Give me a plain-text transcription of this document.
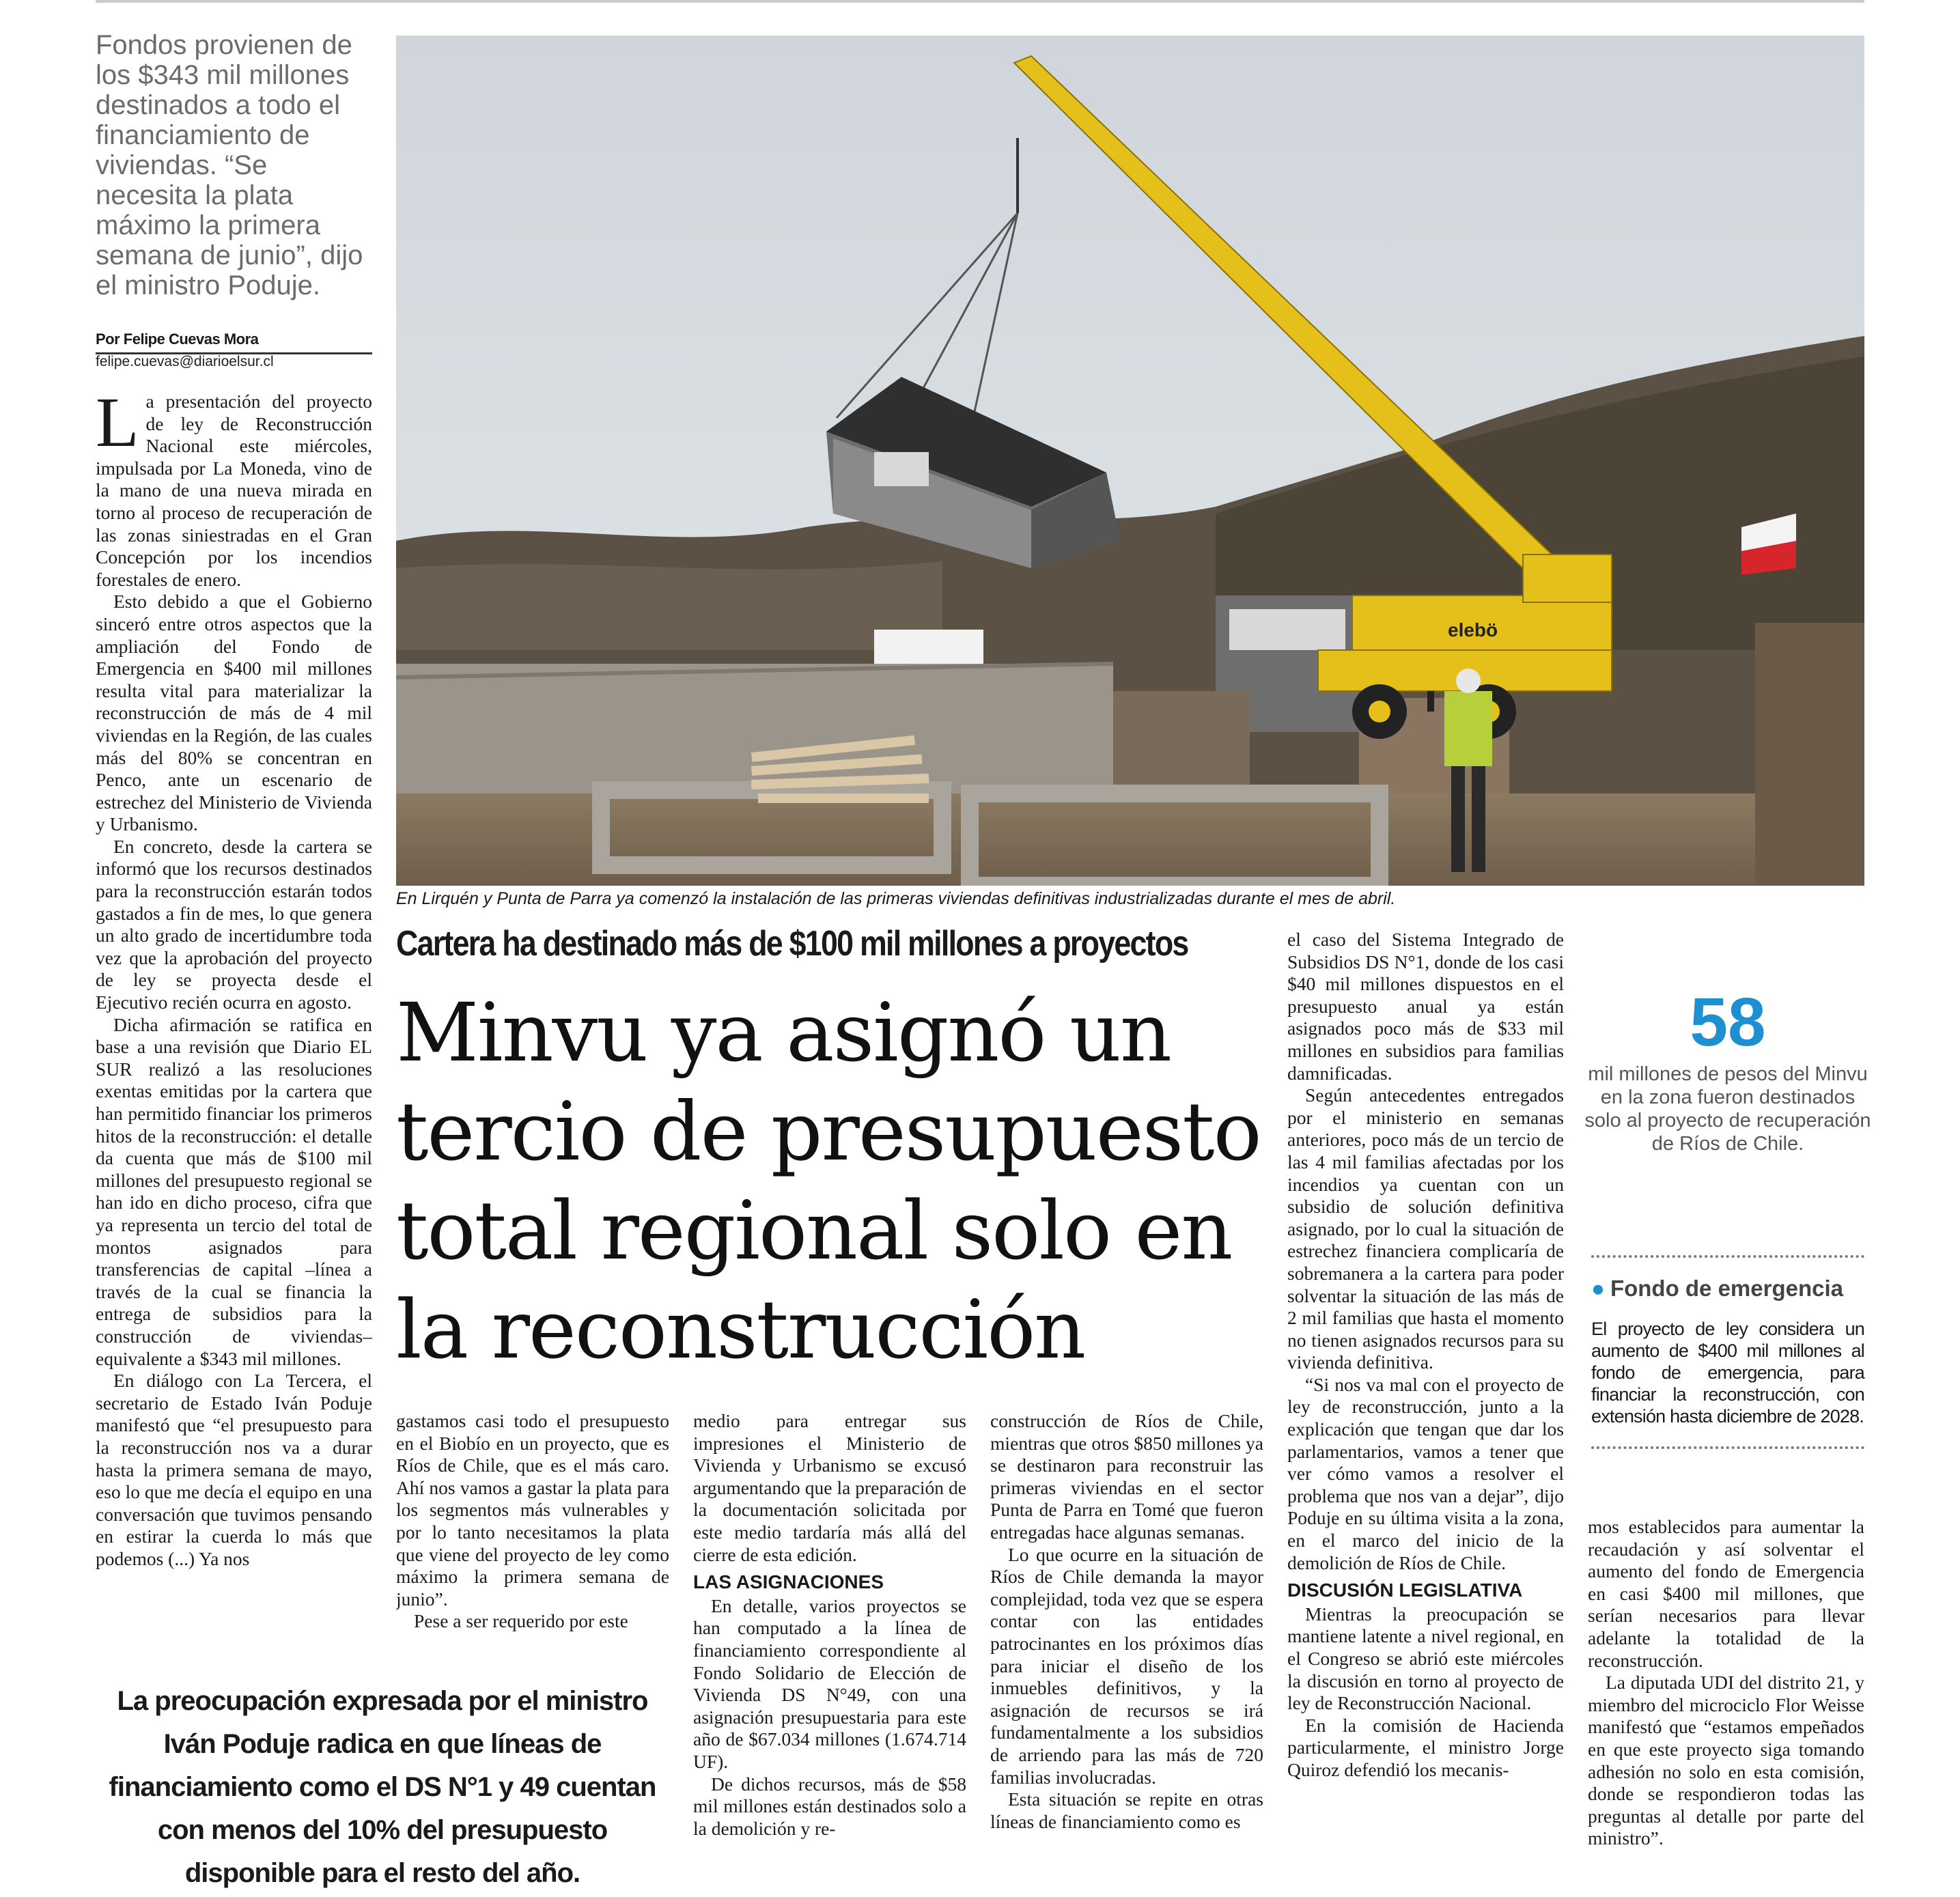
Fondos provienen de los $343 mil millones destinados a todo el financiamiento de viviendas. “Se necesita la plata máximo la primera semana de junio”, dijo el ministro Poduje.
Por Felipe Cuevas Mora
felipe.cuevas@diarioelsur.cl

La presentación del proyecto de ley de Reconstrucción Nacional este miércoles, impulsada por La Moneda, vino de la mano de una nueva mirada en torno al proceso de recuperación de las zonas siniestradas en el Gran Concepción por los incendios forestales de enero.

Esto debido a que el Gobierno sinceró entre otros aspectos que la ampliación del Fondo de Emergencia en $400 mil millones resulta vital para materializar la reconstrucción de más de 4 mil viviendas en la Región, de las cuales más del 80% se concentran en Penco, ante un escenario de estrechez del Ministerio de Vivienda y Urbanismo.

En concreto, desde la cartera se informó que los recursos destinados para la reconstrucción estarán todos gastados a fin de mes, lo que genera un alto grado de incertidumbre toda vez que la aprobación del proyecto de ley se proyecta desde el Ejecutivo recién ocurra en agosto.

Dicha afirmación se ratifica en base a una revisión que Diario EL SUR realizó a las resoluciones exentas emitidas por la cartera que han permitido financiar los primeros hitos de la reconstrucción: el detalle da cuenta que más de $100 mil millones del presupuesto regional se han ido en dicho proceso, cifra que ya representa un tercio del total de montos asignados para transferencias de capital –línea a través de la cual se financia la entrega de subsidios para la construcción de viviendas– equivalente a $343 mil millones.

En diálogo con La Tercera, el secretario de Estado Iván Poduje manifestó que “el presupuesto para la reconstrucción nos va a durar hasta la primera semana de mayo, eso lo que me decía el equipo en una conversación que tuvimos pensando en estirar la cuerda lo más que podemos (...) Ya nos

elebö
En Lirquén y Punta de Parra ya comenzó la instalación de las primeras viviendas definitivas industrializadas durante el mes de abril.
Cartera ha destinado más de $100 mil millones a proyectos
Minvu ya asignó un tercio de presupuesto total regional solo en la reconstrucción

gastamos casi todo el presupuesto en el Biobío en un proyecto, que es Ríos de Chile, que es el más caro. Ahí nos vamos a gastar la plata para los segmentos más vulnerables y por lo tanto necesitamos la plata que viene del proyecto de ley como máximo la primera semana de junio”.

Pese a ser requerido por este

medio para entregar sus impresiones el Ministerio de Vivienda y Urbanismo se excusó argumentando que la preparación de la documentación solicitada por este medio tardaría más allá del cierre de esta edición.

LAS ASIGNACIONES

En detalle, varios proyectos se han computado a la línea de financiamiento correspondiente al Fondo Solidario de Elección de Vivienda DS N°49, con una asignación presupuestaria para este año de $67.034 millones (1.674.714 UF).

De dichos recursos, más de $58 mil millones están destinados solo a la demolición y re-

construcción de Ríos de Chile, mientras que otros $850 millones ya se destinaron para reconstruir las primeras viviendas en el sector Punta de Parra en Tomé que fueron entregadas hace algunas semanas.

Lo que ocurre en la situación de Ríos de Chile demanda la mayor complejidad, toda vez que se espera contar con las entidades patrocinantes en los próximos días para iniciar el diseño de los inmuebles definitivos, y la asignación de recursos se irá fundamentalmente a los subsidios de arriendo para las más de 720 familias involucradas.

Esta situación se repite en otras líneas de financiamiento como es

el caso del Sistema Integrado de Subsidios DS N°1, donde de los casi $40 mil millones dispuestos en el presupuesto anual ya están asignados poco más de $33 mil millones en subsidios para familias damnificadas.

Según antecedentes entregados por el ministerio en semanas anteriores, poco más de un tercio de las 4 mil familias afectadas por los incendios ya cuentan con un subsidio de solución definitiva asignado, por lo cual la situación de estrechez financiera complicaría de sobremanera a la cartera para poder solventar la situación de las más de 2 mil familias que hasta el momento no tienen asignados recursos para su vivienda definitiva.

“Si nos va mal con el proyecto de ley de reconstrucción, junto a la explicación que tengan que dar los parlamentarios, vamos a tener que ver cómo vamos a resolver el problema que nos van a dejar”, dijo Poduje en su última visita a la zona, en el marco del inicio de la demolición de Ríos de Chile.

DISCUSIÓN LEGISLATIVA

Mientras la preocupación se mantiene latente a nivel regional, en el Congreso se abrió este miércoles la discusión en torno al proyecto de ley de Reconstrucción Nacional.

En la comisión de Hacienda particularmente, el ministro Jorge Quiroz defendió los mecanis-

mos establecidos para aumentar la recaudación y así solventar el aumento del fondo de Emergencia en casi $400 mil millones, que serían necesarios para llevar adelante la totalidad de la reconstrucción.

La diputada UDI del distrito 21, y miembro del microciclo Flor Weisse manifestó que “estamos empeñados en que este proyecto siga tomando adhesión no solo en esta comisión, donde se respondieron todas las preguntas al detalle por parte del ministro”.

La preocupación expresada por el ministro Iván Poduje radica en que líneas de financiamiento como el DS N°1 y 49 cuentan con menos del 10% del presupuesto disponible para el resto del año.
58
mil millones de pesos del Minvu en la zona fueron destinados solo al proyecto de recuperación de Ríos de Chile.
● Fondo de emergencia
El proyecto de ley considera un aumento de $400 mil millones al fondo de emergencia, para financiar la reconstrucción, con extensión hasta diciembre de 2028.
